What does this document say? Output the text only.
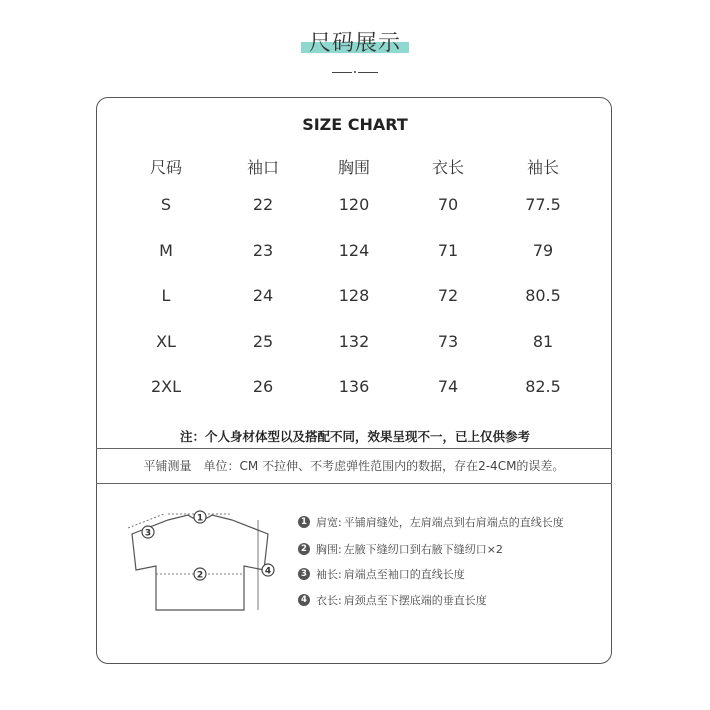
尺码展示
SIZE CHART
尺码	袖口	胸围	衣长	袖长
S	22	120	70	77.5
M	23	124	71	79
L	24	128	72	80.5
XL	25	132	73	81
2XL	26	136	74	82.5
注：个人身材体型以及搭配不同，效果呈现不一，已上仅供参考
平铺测量　单位：CM 不拉伸、不考虑弹性范围内的数据，存在2-4CM的误差。
1
2
3
4
1 肩宽: 平铺肩缝处，左肩端点到右肩端点的直线长度
2 胸围: 左腋下缝纫口到右腋下缝纫口×2
3 袖长: 肩端点至袖口的直线长度
4 衣长: 肩颈点至下摆底端的垂直长度
